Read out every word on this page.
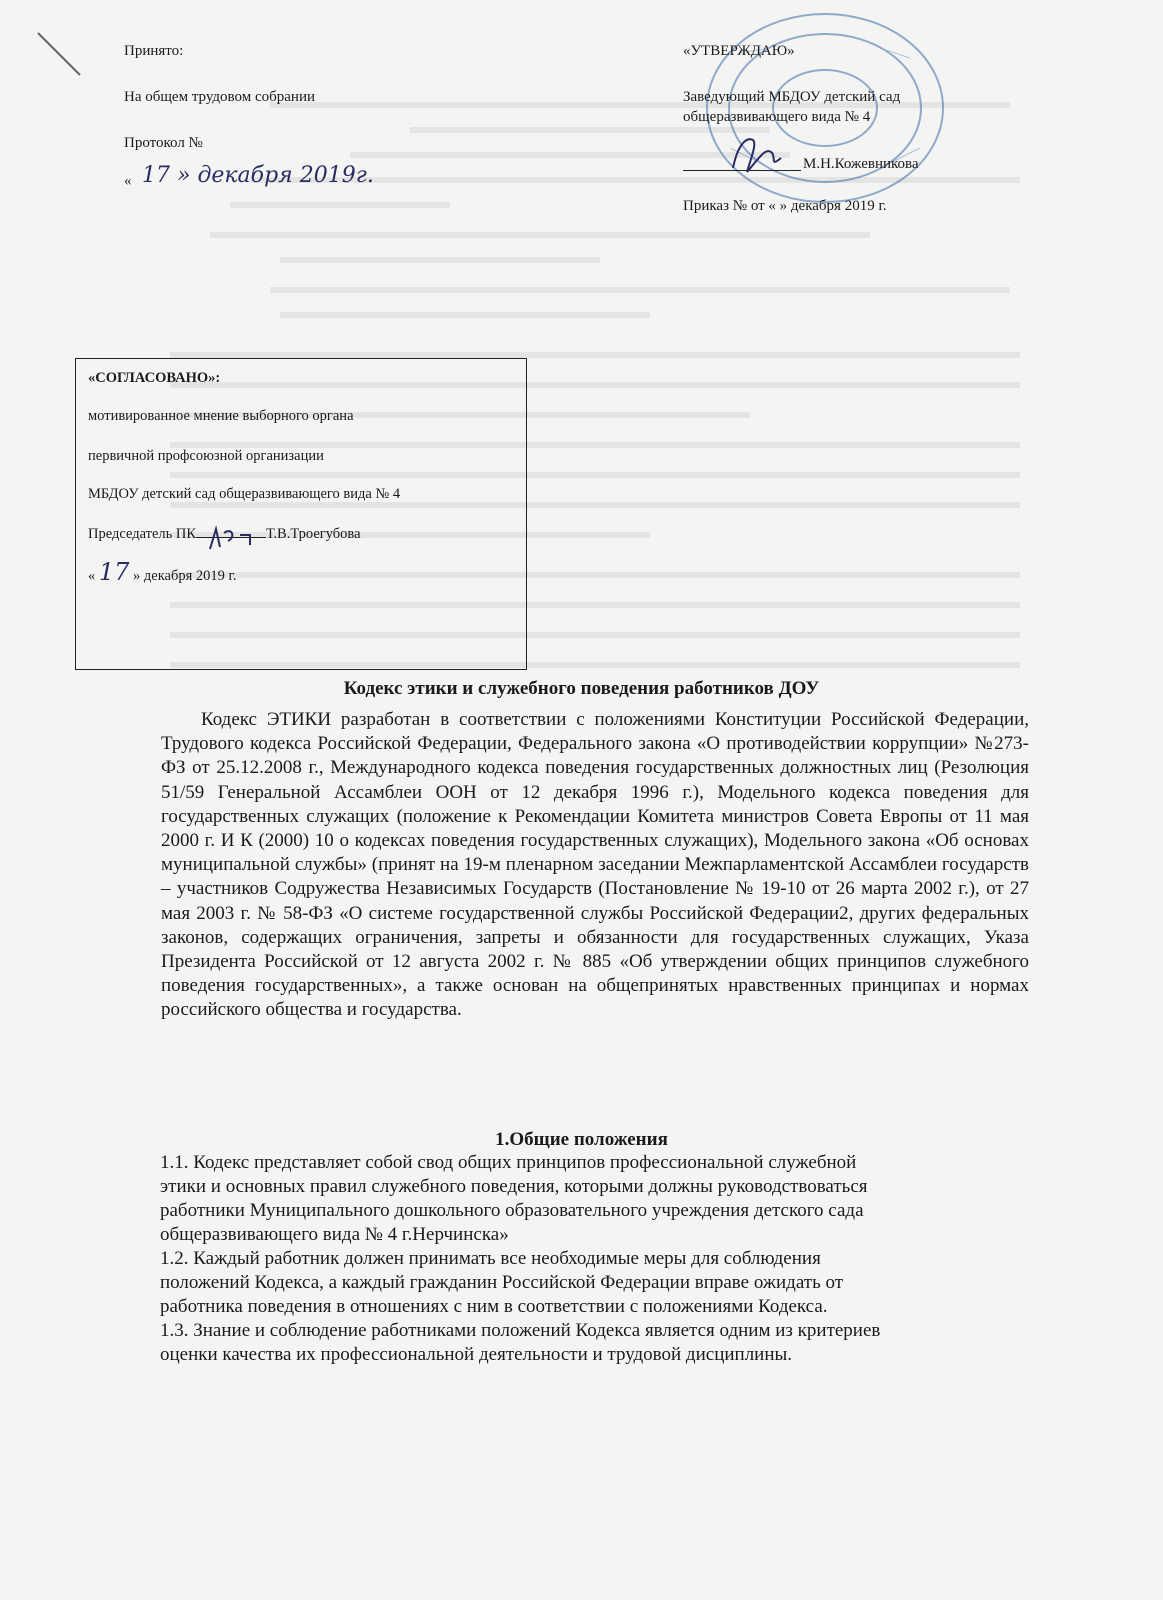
Принято:
На общем трудовом собрании
Протокол №
« 17 » декабря 2019г.
«УТВЕРЖДАЮ»
Заведующий МБДОУ детский сад
общеразвивающего вида № 4
М.Н.Кожевникова
Приказ № от « » декабря 2019 г.
«СОГЛАСОВАНО»:
мотивированное мнение выборного органа
первичной профсоюзной организации
МБДОУ детский сад общеразвивающего вида № 4
Председатель ПК	Т.В.Троегубова
« 17 » декабря 2019 г.
Кодекс этики и служебного поведения работников ДОУ
Кодекс ЭТИКИ разработан в соответствии с положениями Конституции Российской Федерации, Трудового кодекса Российской Федерации, Федерального закона «О противодействии коррупции» №273-ФЗ от 25.12.2008 г., Международного кодекса поведения государственных должностных лиц (Резолюция 51/59 Генеральной Ассамблеи ООН от 12 декабря 1996 г.), Модельного кодекса поведения для государственных служащих (положение к Рекомендации Комитета министров Совета Европы от 11 мая 2000 г. И К (2000) 10 о кодексах поведения государственных служащих), Модельного закона «Об основах муниципальной службы» (принят на 19-м пленарном заседании Межпарламентской Ассамблеи государств – участников Содружества Независимых Государств (Постановление № 19-10 от 26 марта 2002 г.), от 27 мая 2003 г. № 58-ФЗ «О системе государственной службы Российской Федерации2, других федеральных законов, содержащих ограничения, запреты и обязанности для государственных служащих, Указа Президента Российской от 12 августа 2002 г. № 885 «Об утверждении общих принципов служебного поведения государственных», а также основан на общепринятых нравственных принципах и нормах российского общества и государства.
1.Общие положения

1.1. Кодекс представляет собой свод общих принципов профессиональной служебной

этики и основных правил служебного поведения, которыми должны руководствоваться

работники Муниципального дошкольного образовательного учреждения детского сада

общеразвивающего вида № 4 г.Нерчинска»

1.2. Каждый работник должен принимать все необходимые меры для соблюдения

положений Кодекса, а каждый гражданин Российской Федерации вправе ожидать от

работника поведения в отношениях с ним в соответствии с положениями Кодекса.

1.3. Знание и соблюдение работниками положений Кодекса является одним из критериев

оценки качества их профессиональной деятельности и трудовой дисциплины.
